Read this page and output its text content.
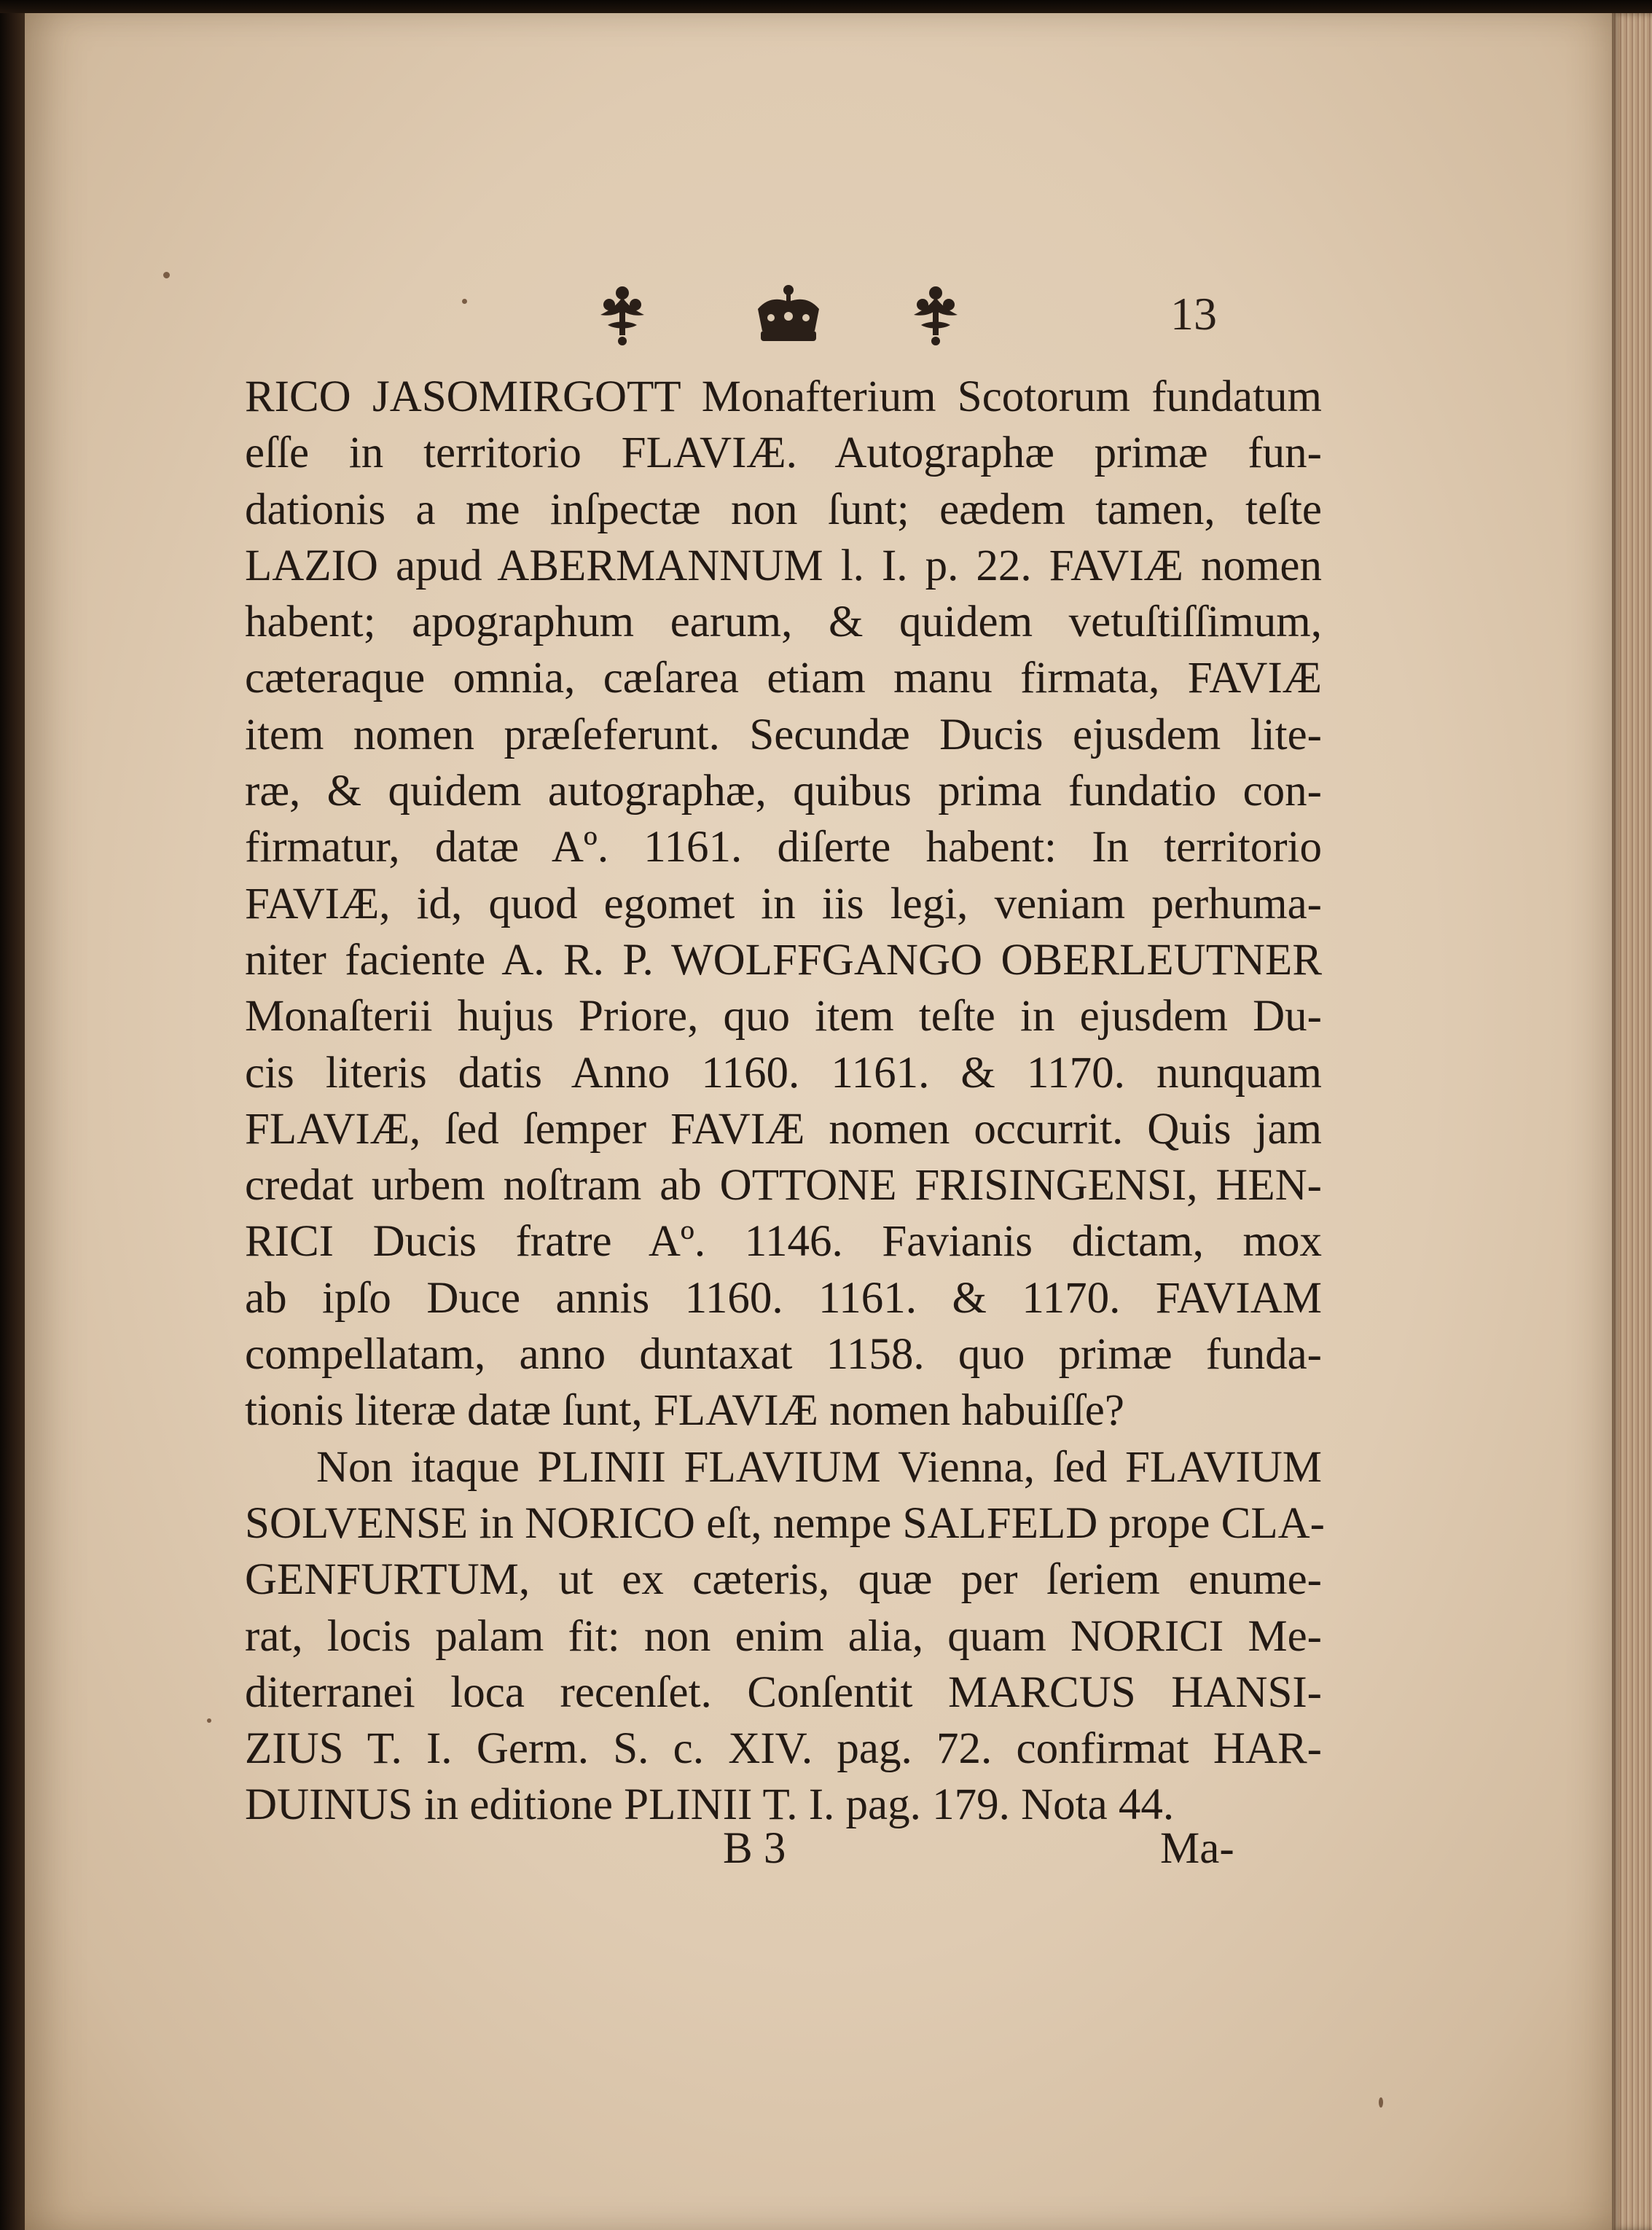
13
RICO JASOMIRGOTT Monafterium Scotorum fundatum
eſſe in territorio FLAVIÆ. Autographæ primæ fun-
dationis a me inſpectæ non ſunt; eædem tamen, teſte
LAZIO apud ABERMANNUM l. I. p. 22. FAVIÆ nomen
habent; apographum earum, & quidem vetuſtiſſimum,
cæteraque omnia, cæſarea etiam manu firmata, FAVIÆ
item nomen præſeferunt. Secundæ Ducis ejusdem lite-
ræ, & quidem autographæ, quibus prima fundatio con-
firmatur, datæ Aº. 1161. diſerte habent: In territorio
FAVIÆ, id, quod egomet in iis legi, veniam perhuma-
niter faciente A. R. P. WOLFFGANGO OBERLEUTNER
Monaſterii hujus Priore, quo item teſte in ejusdem Du-
cis literis datis Anno 1160. 1161. & 1170. nunquam
FLAVIÆ, ſed ſemper FAVIÆ nomen occurrit. Quis jam
credat urbem noſtram ab OTTONE FRISINGENSI, HEN-
RICI Ducis fratre Aº. 1146. Favianis dictam, mox
ab ipſo Duce annis 1160. 1161. & 1170. FAVIAM
compellatam, anno duntaxat 1158. quo primæ funda-
tionis literæ datæ ſunt, FLAVIÆ nomen habuiſſe?
Non itaque PLINII FLAVIUM Vienna, ſed FLAVIUM
SOLVENSE in NORICO eſt, nempe SALFELD prope CLA-
GENFURTUM, ut ex cæteris, quæ per ſeriem enume-
rat, locis palam fit: non enim alia, quam NORICI Me-
diterranei loca recenſet. Conſentit MARCUS HANSI-
ZIUS T. I. Germ. S. c. XIV. pag. 72. confirmat HAR-
DUINUS in editione PLINII T. I. pag. 179. Nota 44.
B 3	Ma-
